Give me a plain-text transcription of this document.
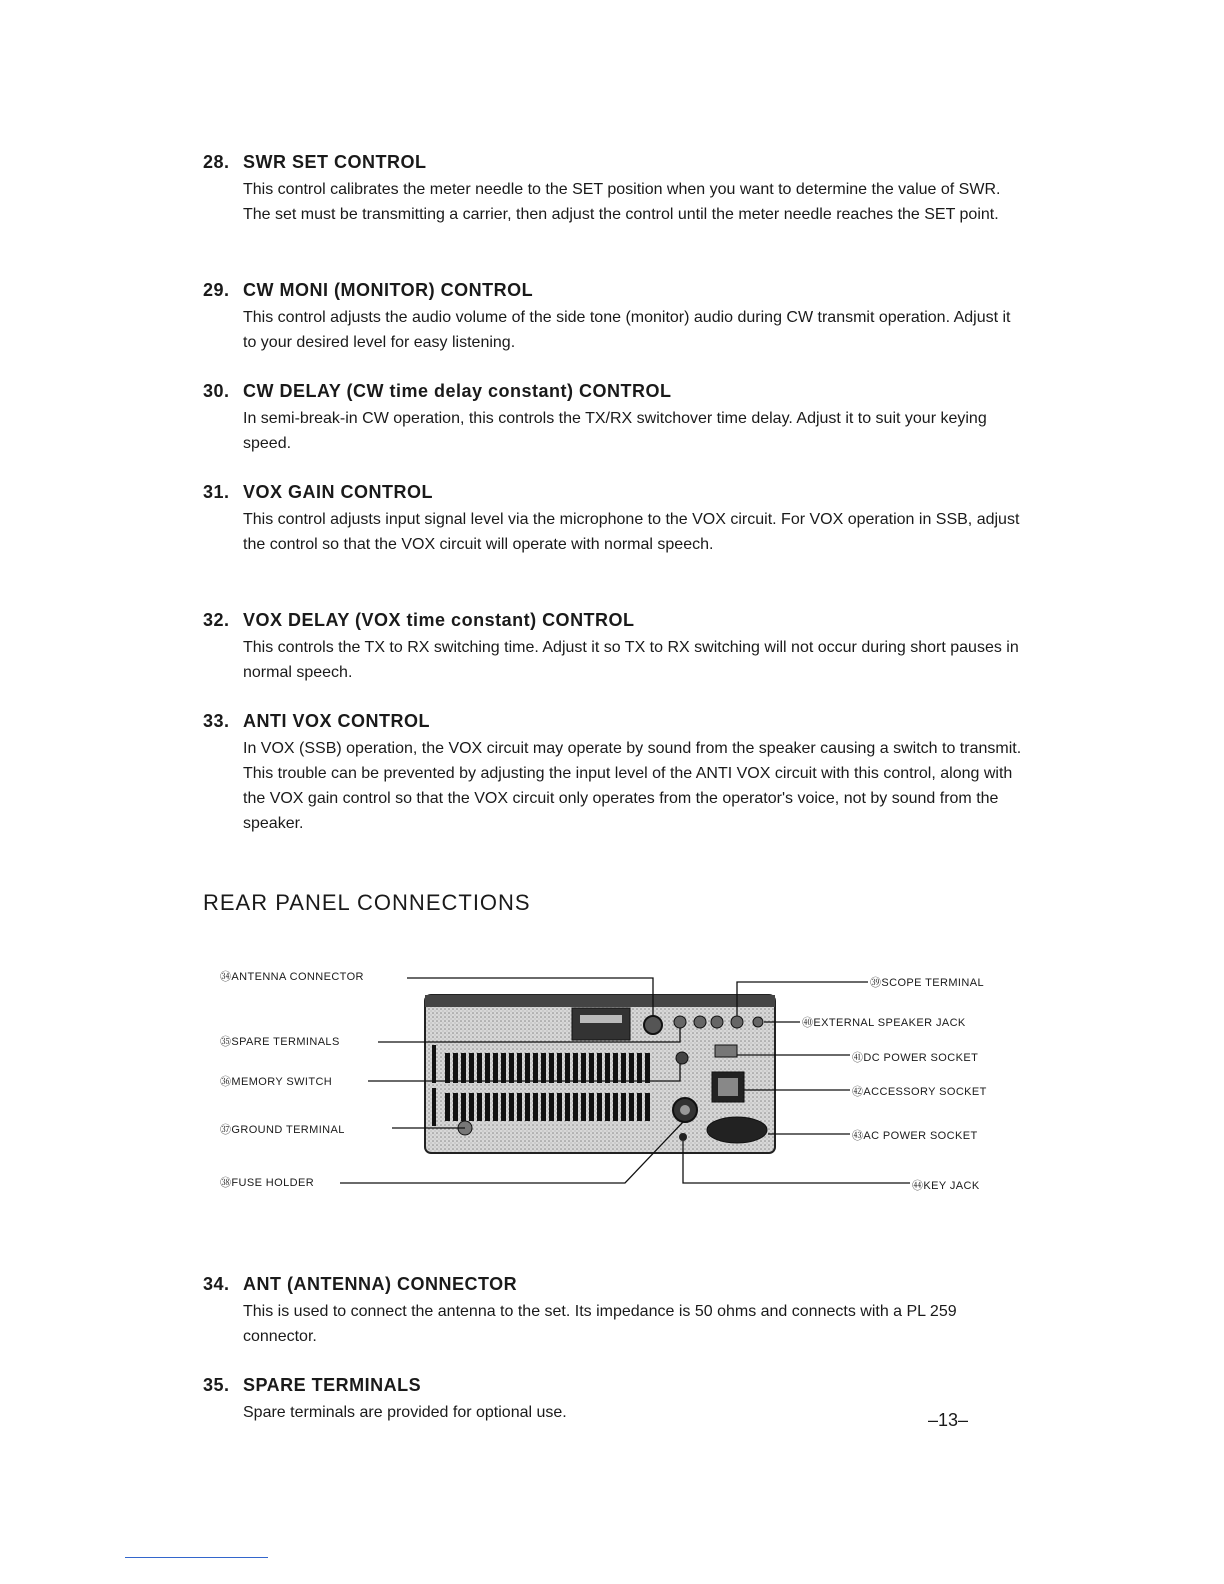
28. SWR SET CONTROL

This control calibrates the meter needle to the SET position when you want to determine the value of SWR. The set must be transmitting a carrier, then adjust the control until the meter needle reaches the SET point.

29. CW MONI (MONITOR) CONTROL

This control adjusts the audio volume of the side tone (monitor) audio during CW transmit operation. Adjust it to your desired level for easy listening.

30. CW DELAY (CW time delay constant) CONTROL

In semi-break-in CW operation, this controls the TX/RX switchover time delay. Adjust it to suit your keying speed.

31. VOX GAIN CONTROL

This control adjusts input signal level via the microphone to the VOX circuit. For VOX operation in SSB, adjust the control so that the VOX circuit will operate with normal speech.

32. VOX DELAY (VOX time constant) CONTROL

This controls the TX to RX switching time. Adjust it so TX to RX switching will not occur during short pauses in normal speech.

33. ANTI VOX CONTROL

In VOX (SSB) operation, the VOX circuit may operate by sound from the speaker causing a switch to transmit. This trouble can be prevented by adjusting the input level of the ANTI VOX circuit with this control, along with the VOX gain control so that the VOX circuit only operates from the operator's voice, not by sound from the speaker.

REAR PANEL CONNECTIONS
㉞ANTENNA CONNECTOR
㉟SPARE TERMINALS
㊱MEMORY SWITCH
㊲GROUND TERMINAL
㊳FUSE HOLDER
㊴SCOPE TERMINAL
㊵EXTERNAL SPEAKER JACK
㊶DC POWER SOCKET
㊷ACCESSORY SOCKET
㊸AC POWER SOCKET
㊹KEY JACK

34. ANT (ANTENNA) CONNECTOR

This is used to connect the antenna to the set. Its impedance is 50 ohms and connects with a PL 259 connector.

35. SPARE TERMINALS

Spare terminals are provided for optional use.	–13–
